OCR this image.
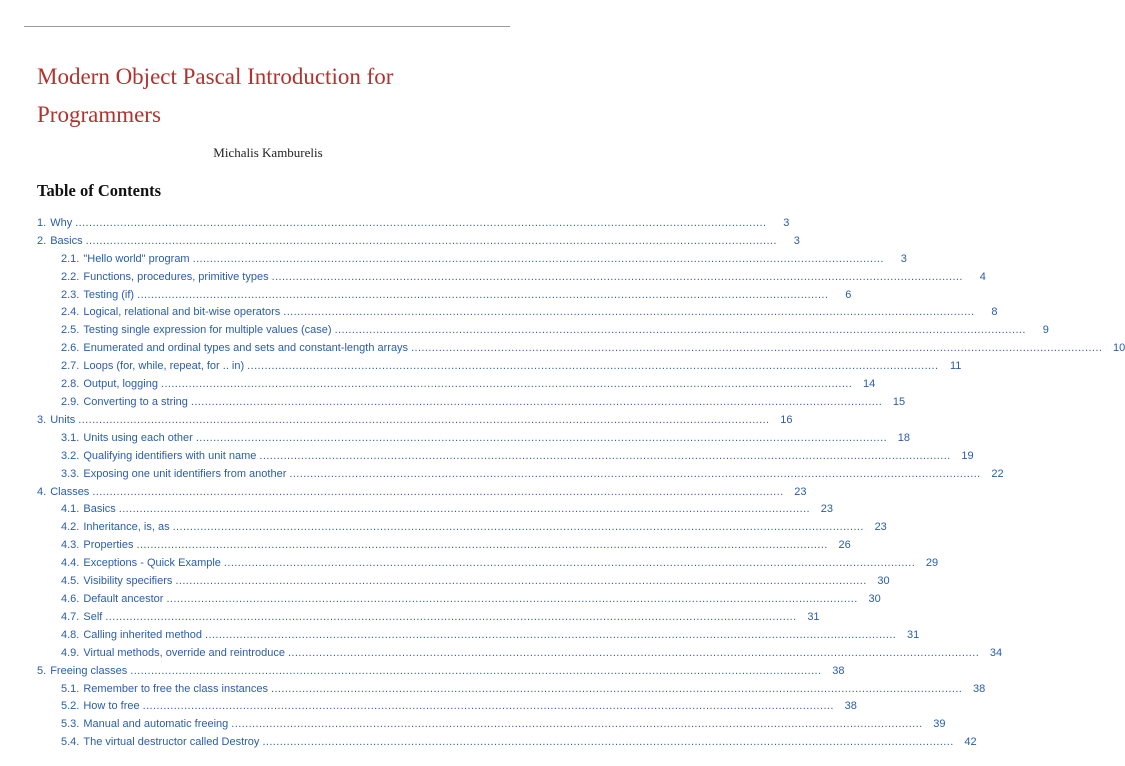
Modern Object Pascal Introduction for Programmers
Michalis Kamburelis
Table of Contents
1. Why ........................................................................................................................................................................................................	3
2. Basics ........................................................................................................................................................................................................	3
2.1. "Hello world" program ........................................................................................................................................................................................................	3
2.2. Functions, procedures, primitive types ........................................................................................................................................................................................................	4
2.3. Testing (if) ........................................................................................................................................................................................................	6
2.4. Logical, relational and bit-wise operators ........................................................................................................................................................................................................	8
2.5. Testing single expression for multiple values (case) ........................................................................................................................................................................................................	9
2.6. Enumerated and ordinal types and sets and constant-length arrays ........................................................................................................................................................................................................ 10
2.7. Loops (for, while, repeat, for .. in) ........................................................................................................................................................................................................	11
2.8. Output, logging ........................................................................................................................................................................................................ 14
2.9. Converting to a string ........................................................................................................................................................................................................ 15
3. Units ........................................................................................................................................................................................................ 16
3.1. Units using each other ........................................................................................................................................................................................................ 18
3.2. Qualifying identifiers with unit name ........................................................................................................................................................................................................ 19
3.3. Exposing one unit identifiers from another ........................................................................................................................................................................................................ 22
4. Classes ........................................................................................................................................................................................................ 23
4.1. Basics ........................................................................................................................................................................................................ 23
4.2. Inheritance, is, as ........................................................................................................................................................................................................ 23
4.3. Properties ........................................................................................................................................................................................................ 26
4.4. Exceptions - Quick Example ........................................................................................................................................................................................................ 29
4.5. Visibility specifiers ........................................................................................................................................................................................................ 30
4.6. Default ancestor ........................................................................................................................................................................................................ 30
4.7. Self ........................................................................................................................................................................................................ 31
4.8. Calling inherited method ........................................................................................................................................................................................................ 31
4.9. Virtual methods, override and reintroduce ........................................................................................................................................................................................................ 34
5. Freeing classes ........................................................................................................................................................................................................ 38
5.1. Remember to free the class instances ........................................................................................................................................................................................................ 38
5.2. How to free ........................................................................................................................................................................................................ 38
5.3. Manual and automatic freeing ........................................................................................................................................................................................................ 39
5.4. The virtual destructor called Destroy ........................................................................................................................................................................................................ 42
